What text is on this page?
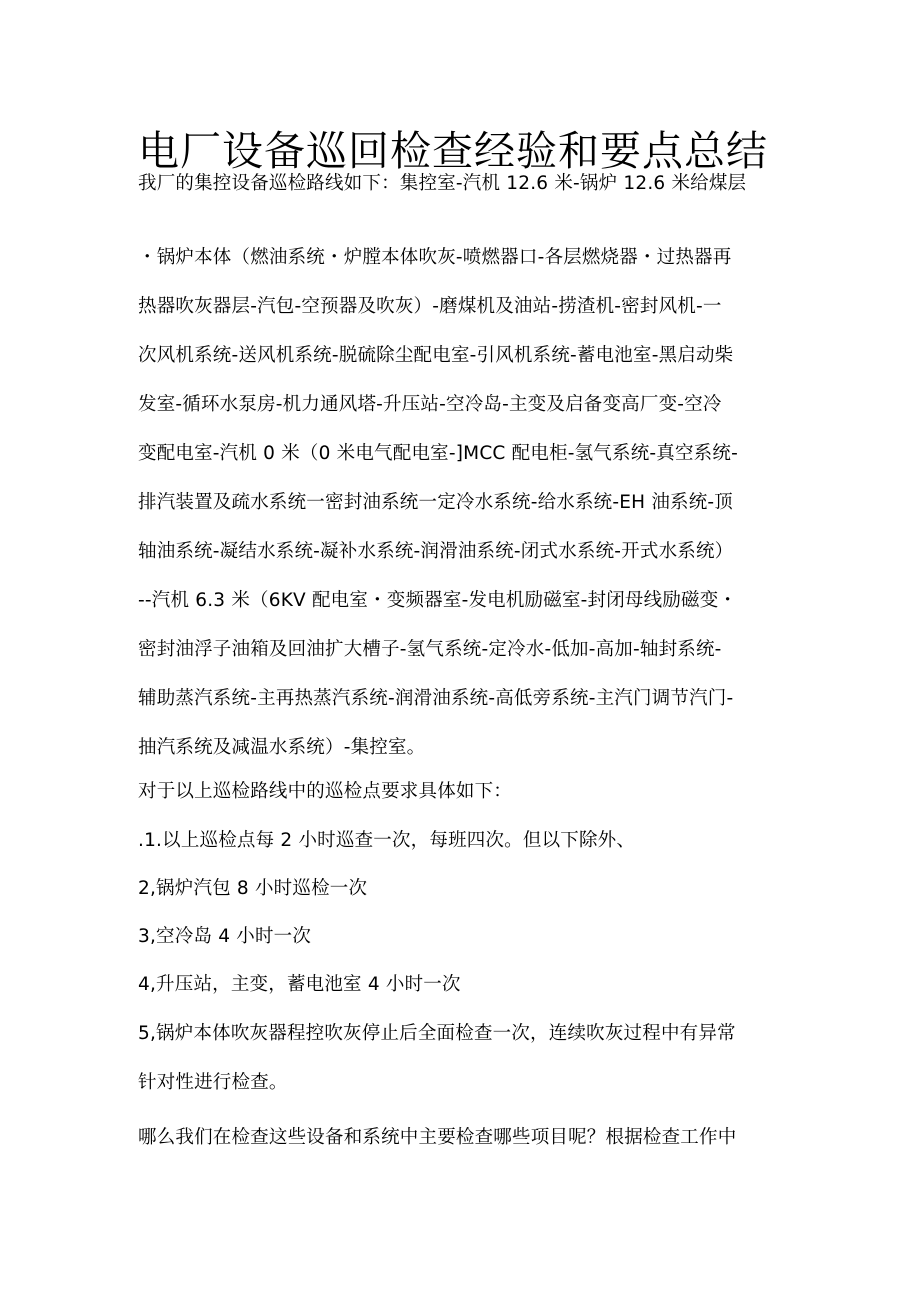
电厂设备巡回检查经验和要点总结

我厂的集控设备巡检路线如下：集控室-汽机 12.6 米-锅炉 12.6 米给煤层

・锅炉本体（燃油系统・炉膛本体吹灰-喷燃器口-各层燃烧器・过热器再

热器吹灰器层-汽包-空预器及吹灰）-磨煤机及油站-捞渣机-密封风机-一

次风机系统-送风机系统-脱硫除尘配电室-引风机系统-蓄电池室-黑启动柴

发室-循环水泵房-机力通风塔-升压站-空冷岛-主变及启备变高厂变-空冷

变配电室-汽机 0 米（0 米电气配电室-]MCC 配电柜-氢气系统-真空系统-

排汽装置及疏水系统一密封油系统一定冷水系统-给水系统-EH 油系统-顶

轴油系统-凝结水系统-凝补水系统-润滑油系统-闭式水系统-开式水系统）

--汽机 6.3 米（6KV 配电室・变频器室-发电机励磁室-封闭母线励磁变・

密封油浮子油箱及回油扩大槽子-氢气系统-定冷水-低加-高加-轴封系统-

辅助蒸汽系统-主再热蒸汽系统-润滑油系统-高低旁系统-主汽门调节汽门-

抽汽系统及减温水系统）-集控室。

对于以上巡检路线中的巡检点要求具体如下：

.1.以上巡检点每 2 小时巡查一次，每班四次。但以下除外、

2,锅炉汽包 8 小时巡检一次

3,空冷岛 4 小时一次

4,升压站，主变，蓄电池室 4 小时一次

5,锅炉本体吹灰器程控吹灰停止后全面检查一次，连续吹灰过程中有异常

针对性进行检查。

哪么我们在检查这些设备和系统中主要检查哪些项目呢？根据检查工作中
